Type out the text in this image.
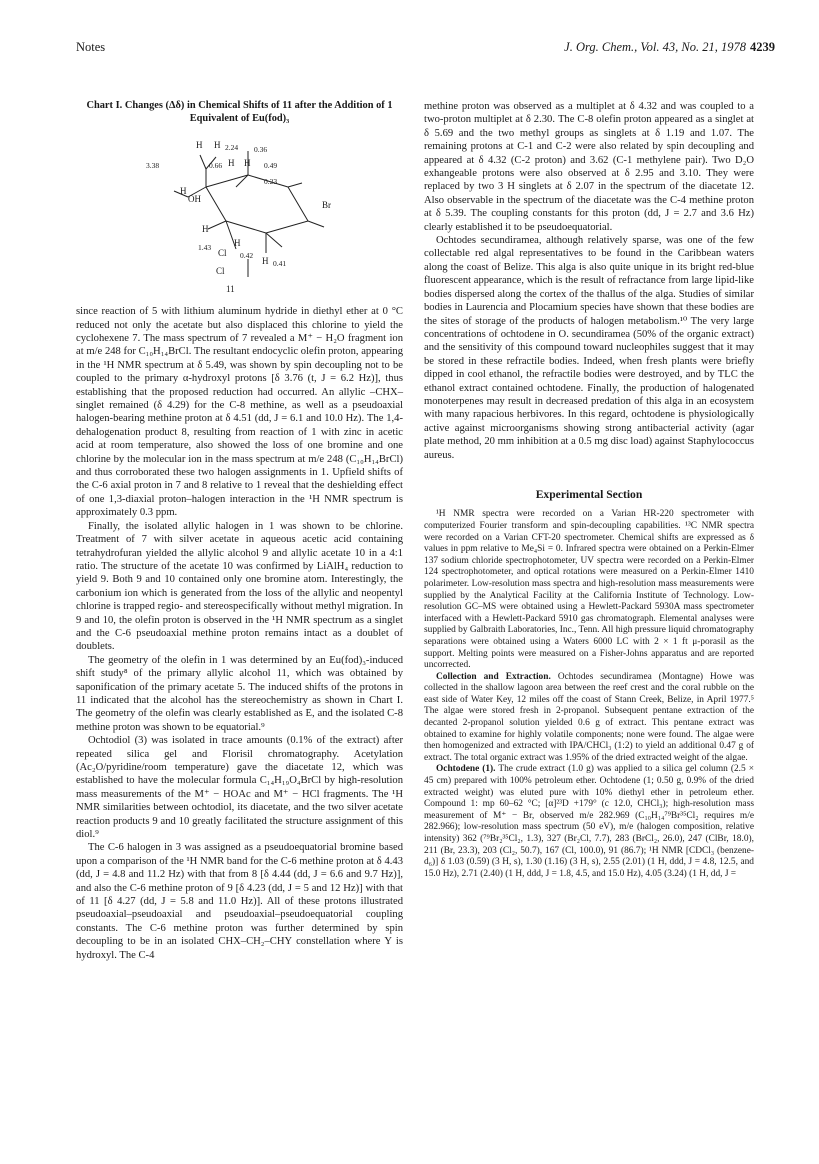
Notes	J. Org. Chem., Vol. 43, No. 21, 1978 4239
Chart I. Changes (Δδ) in Chemical Shifts of 11 after the Addition of 1 Equivalent of Eu(fod)₃
H H 2.24 0.36
3.38	0.66 H H 0.49
0.23
H
OH
Br
H
1.43	H
Cl 0.42
H 0.41
Cl
11

since reaction of 5 with lithium aluminum hydride in diethyl ether at 0 °C reduced not only the acetate but also displaced this chlorine to yield the cyclohexene 7. The mass spectrum of 7 revealed a M⁺ − H₂O fragment ion at m/e 248 for C₁₀H₁₄BrCl. The resultant endocyclic olefin proton, appearing in the ¹H NMR spectrum at δ 5.49, was shown by spin decoupling not to be coupled to the primary α-hydroxyl protons [δ 3.76 (t, J = 6.2 Hz)], thus establishing that the proposed reduction had occurred. An allylic –CHX– singlet remained (δ 4.29) for the C-8 methine, as well as a pseudoaxial halogen-bearing methine proton at δ 4.51 (dd, J = 6.1 and 10.0 Hz). The 1,4-dehalogenation product 8, resulting from reaction of 1 with zinc in acetic acid at room temperature, also showed the loss of one bromine and one chlorine by the molecular ion in the mass spectrum at m/e 248 (C₁₀H₁₄BrCl) and thus corroborated these two halogen assignments in 1. Upfield shifts of the C-6 axial proton in 7 and 8 relative to 1 reveal that the deshielding effect of one 1,3-diaxial proton–halogen interaction in the ¹H NMR spectrum is approximately 0.3 ppm.

Finally, the isolated allylic halogen in 1 was shown to be chlorine. Treatment of 7 with silver acetate in aqueous acetic acid containing tetrahydrofuran yielded the allylic alcohol 9 and allylic acetate 10 in a 4:1 ratio. The structure of the acetate 10 was confirmed by LiAlH₄ reduction to yield 9. Both 9 and 10 contained only one bromine atom. Interestingly, the carbonium ion which is generated from the loss of the allylic and neopentyl chlorine is trapped regio- and stereospecifically without methyl migration. In 9 and 10, the olefin proton is observed in the ¹H NMR spectrum as a singlet and the C-6 pseudoaxial methine proton remains intact as a doublet of doublets.

The geometry of the olefin in 1 was determined by an Eu(fod)₃-induced shift study⁸ of the primary allylic alcohol 11, which was obtained by saponification of the primary acetate 5. The induced shifts of the protons in 11 indicated that the alcohol has the stereochemistry as shown in Chart I. The geometry of the olefin was clearly established as E, and the isolated C-8 methine proton was shown to be equatorial.⁹

Ochtodiol (3) was isolated in trace amounts (0.1% of the extract) after repeated silica gel and Florisil chromatography. Acetylation (Ac₂O/pyridine/room temperature) gave the diacetate 12, which was established to have the molecular formula C₁₄H₁₉O₄BrCl by high-resolution mass measurements of the M⁺ − HOAc and M⁺ − HCl fragments. The ¹H NMR similarities between ochtodiol, its diacetate, and the two silver acetate reaction products 9 and 10 greatly facilitated the structure assignment of this diol.⁹

The C-6 halogen in 3 was assigned as a pseudoequatorial bromine based upon a comparison of the ¹H NMR band for the C-6 methine proton at δ 4.43 (dd, J = 4.8 and 11.2 Hz) with that from 8 [δ 4.44 (dd, J = 6.6 and 9.7 Hz)], and also the C-6 methine proton of 9 [δ 4.23 (dd, J = 5 and 12 Hz)] with that of 11 [δ 4.27 (dd, J = 5.8 and 11.0 Hz)]. All of these protons illustrated pseudoaxial–pseudoaxial and pseudoaxial–pseudoequatorial coupling constants. The C-6 methine proton was further determined by spin decoupling to be in an isolated CHX–CH₂–CHY constellation where Y is hydroxyl. The C-4

methine proton was observed as a multiplet at δ 4.32 and was coupled to a two-proton multiplet at δ 2.30. The C-8 olefin proton appeared as a singlet at δ 5.69 and the two methyl groups as singlets at δ 1.19 and 1.07. The remaining protons at C-1 and C-2 were also related by spin decoupling and appeared at δ 4.32 (C-2 proton) and 3.62 (C-1 methylene pair). Two D₂O exhangeable protons were also observed at δ 2.95 and 3.10. They were replaced by two 3 H singlets at δ 2.07 in the spectrum of the diacetate 12. Also observable in the spectrum of the diacetate was the C-4 methine proton at δ 5.39. The coupling constants for this proton (dd, J = 2.7 and 3.6 Hz) clearly established it to be pseudoequatorial.

Ochtodes secundiramea, although relatively sparse, was one of the few collectable red algal representatives to be found in the Caribbean waters along the coast of Belize. This alga is also quite unique in its bright red-blue fluorescent appearance, which is the result of refractance from large lipid-like bodies dispersed along the cortex of the thallus of the alga. Studies of similar bodies in Laurencia and Plocamium species have shown that these bodies are the sites of storage of the products of halogen metabolism.¹⁰ The very large concentrations of ochtodene in O. secundiramea (50% of the organic extract) and the sensitivity of this compound toward nucleophiles suggest that it may be stored in these refractile bodies. Indeed, when fresh plants were briefly dipped in cool ethanol, the refractile bodies were destroyed, and by TLC the ethanol extract contained ochtodene. Finally, the production of halogenated monoterpenes may result in decreased predation of this alga in an ecosystem with many rapacious herbivores. In this regard, ochtodene is physiologically active against microorganisms showing strong antibacterial activity (agar plate method, 20 mm inhibition at a 0.5 mg disc load) against Staphylococcus aureus.

Experimental Section

¹H NMR spectra were recorded on a Varian HR-220 spectrometer with computerized Fourier transform and spin-decoupling capabilities. ¹³C NMR spectra were recorded on a Varian CFT-20 spectrometer. Chemical shifts are expressed as δ values in ppm relative to Me₄Si = 0. Infrared spectra were obtained on a Perkin-Elmer 137 sodium chloride spectrophotometer, UV spectra were recorded on a Perkin-Elmer 124 spectrophotometer, and optical rotations were measured on a Perkin-Elmer 1410 polarimeter. Low-resolution mass spectra and high-resolution mass measurements were supplied by the Analytical Facility at the California Institute of Technology. Low-resolution GC–MS were obtained using a Hewlett-Packard 5930A mass spectrometer interfaced with a Hewlett-Packard 5910 gas chromatograph. Elemental analyses were supplied by Galbraith Laboratories, Inc., Tenn. All high pressure liquid chromatography separations were obtained using a Waters 6000 LC with 2 × 1 ft μ-porasil as the support. Melting points were measured on a Fisher-Johns apparatus and are reported uncorrected.

Collection and Extraction. Ochtodes secundiramea (Montagne) Howe was collected in the shallow lagoon area between the reef crest and the coral rubble on the east side of Water Key, 12 miles off the coast of Stann Creek, Belize, in April 1977.⁵ The algae were stored fresh in 2-propanol. Subsequent pentane extraction of the decanted 2-propanol solution yielded 0.6 g of extract. This pentane extract was obtained to examine for highly volatile components; none were found. The algae were then homogenized and extracted with IPA/CHCl₃ (1:2) to yield an additional 0.47 g of extract. The total organic extract was 1.95% of the dried extracted weight of the algae.

Ochtodene (1). The crude extract (1.0 g) was applied to a silica gel column (2.5 × 45 cm) prepared with 100% petroleum ether. Ochtodene (1; 0.50 g, 0.9% of the dried extracted weight) was eluted pure with 10% diethyl ether in petroleum ether. Compound 1: mp 60–62 °C; [α]²³D +179° (c 12.0, CHCl₃); high-resolution mass measurement of M⁺ − Br, observed m/e 282.969 (C₁₀H₁₄⁷⁹Br³⁵Cl₂ requires m/e 282.966); low-resolution mass spectrum (50 eV), m/e (halogen composition, relative intensity) 362 (⁷⁹Br₂³⁵Cl₂, 1.3), 327 (Br₂Cl, 7.7), 283 (BrCl₂, 26.0), 247 (ClBr, 18.0), 211 (Br, 23.3), 203 (Cl₂, 50.7), 167 (Cl, 100.0), 91 (86.7); ¹H NMR [CDCl₃ (benzene-d₆)] δ 1.03 (0.59) (3 H, s), 1.30 (1.16) (3 H, s), 2.55 (2.01) (1 H, ddd, J = 4.8, 12.5, and 15.0 Hz), 2.71 (2.40) (1 H, ddd, J = 1.8, 4.5, and 15.0 Hz), 4.05 (3.24) (1 H, dd, J =
